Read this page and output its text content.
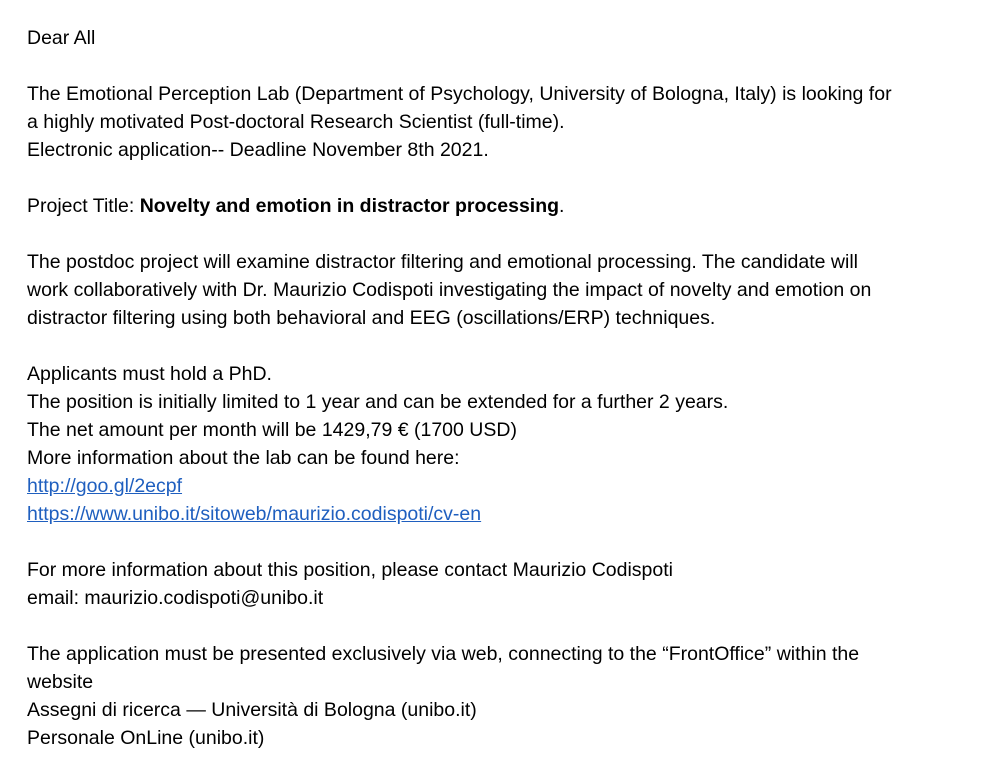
Dear All
The Emotional Perception Lab (Department of Psychology, University of Bologna, Italy) is looking for
a highly motivated Post-doctoral Research Scientist (full-time).
Electronic application-- Deadline November 8th 2021.
Project Title: Novelty and emotion in distractor processing.
The postdoc project will examine distractor filtering and emotional processing. The candidate will
work collaboratively with Dr. Maurizio Codispoti investigating the impact of novelty and emotion on
distractor filtering using both behavioral and EEG (oscillations/ERP) techniques.
Applicants must hold a PhD.
The position is initially limited to 1 year and can be extended for a further 2 years.
The net amount per month will be 1429,79 € (1700 USD)
More information about the lab can be found here:
http://goo.gl/2ecpf
https://www.unibo.it/sitoweb/maurizio.codispoti/cv-en
For more information about this position, please contact Maurizio Codispoti
email: maurizio.codispoti@unibo.it
The application must be presented exclusively via web, connecting to the “FrontOffice” within the
website
Assegni di ricerca — Università di Bologna (unibo.it)
Personale OnLine (unibo.it)
